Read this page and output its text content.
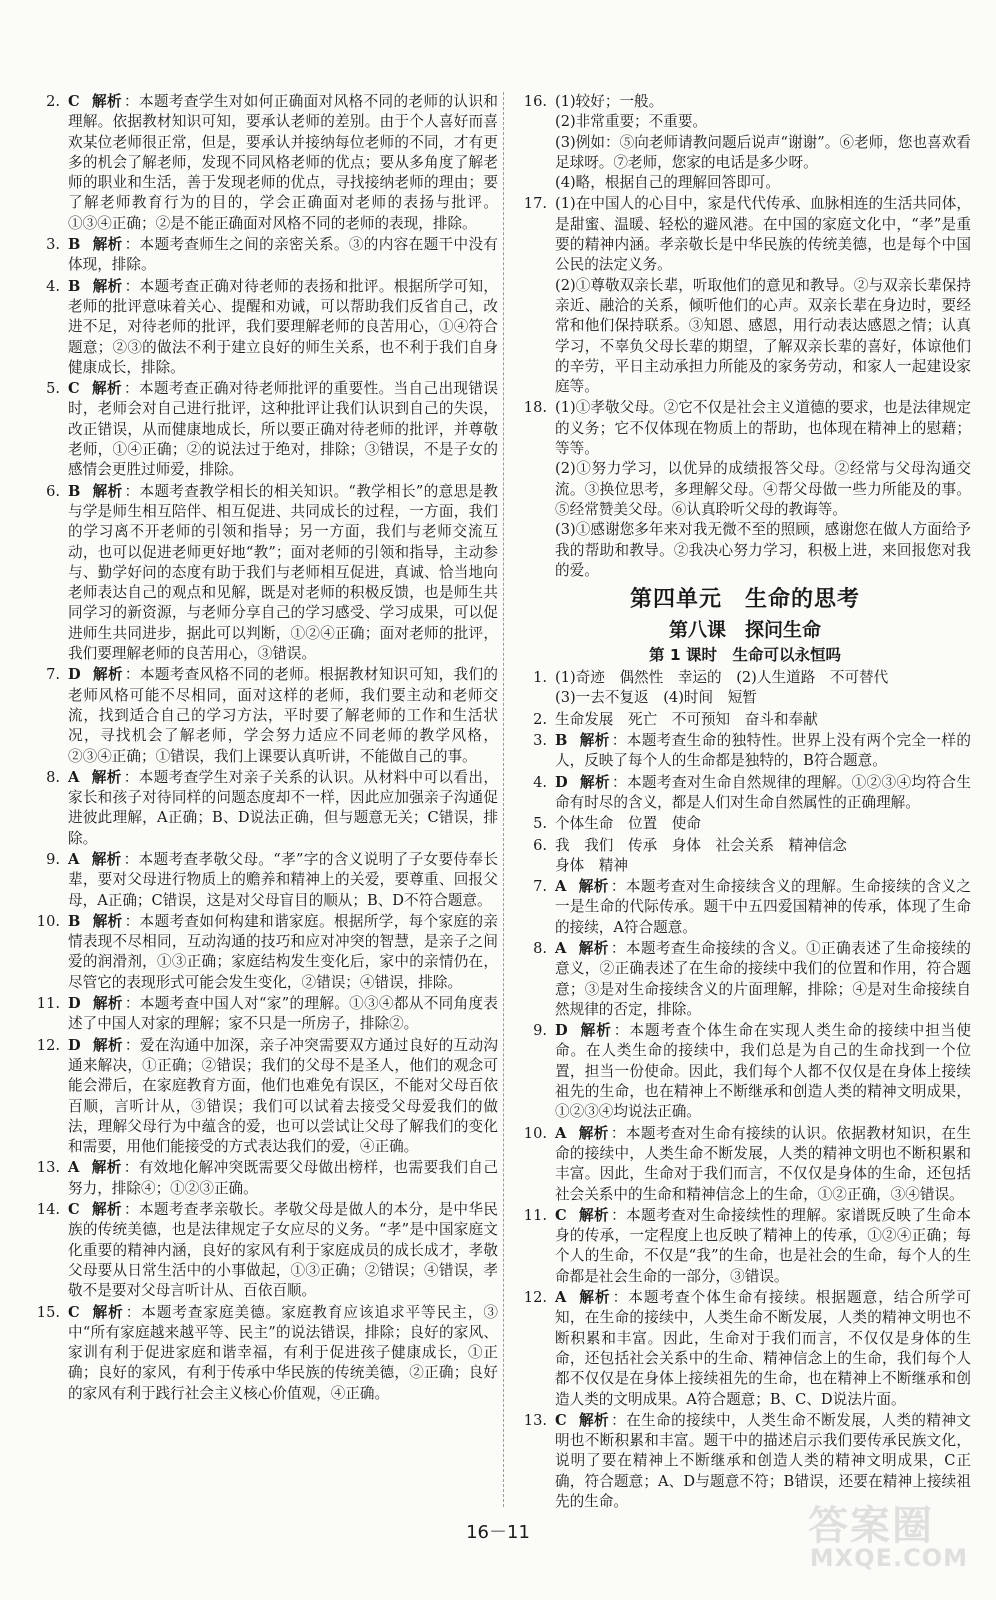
2. C 解析 ：本题考查学生对如何正确面对风格不同的老师的认识和理解。依据教材知识可知，要承认老师的差别。由于个人喜好而喜欢某位老师很正常，但是，要承认并接纳每位老师的不同，才有更多的机会了解老师，发现不同风格老师的优点；要从多角度了解老师的职业和生活，善于发现老师的优点，寻找接纳老师的理由；要了解老师教育行为的目的，学会正确面对老师的表扬与批评。①③④正确；②是不能正确面对风格不同的老师的表现，排除。
3. B 解析 ：本题考查师生之间的亲密关系。③的内容在题干中没有体现，排除。
4. B 解析 ：本题考查正确对待老师的表扬和批评。根据所学可知，老师的批评意味着关心、提醒和劝诫，可以帮助我们反省自己，改进不足，对待老师的批评，我们要理解老师的良苦用心，①④符合题意；②③的做法不利于建立良好的师生关系，也不利于我们自身健康成长，排除。
5. C 解析 ：本题考查正确对待老师批评的重要性。当自己出现错误时，老师会对自己进行批评，这种批评让我们认识到自己的失误，改正错误，从而健康地成长，所以要正确对待老师的批评，并尊敬老师，①④正确；②的说法过于绝对，排除；③错误，不是子女的感情会更胜过师爱，排除。
6. B 解析 ：本题考查教学相长的相关知识。“教学相长”的意思是教与学是师生相互陪伴、相互促进、共同成长的过程，一方面，我们的学习离不开老师的引领和指导；另一方面，我们与老师交流互动，也可以促进老师更好地“教”；面对老师的引领和指导，主动参与、勤学好问的态度有助于我们与老师相互促进，真诚、恰当地向老师表达自己的观点和见解，既是对老师的积极反馈，也是师生共同学习的新资源，与老师分享自己的学习感受、学习成果，可以促进师生共同进步，据此可以判断，①②④正确；面对老师的批评，我们要理解老师的良苦用心，③错误。
7. D 解析 ：本题考查风格不同的老师。根据教材知识可知，我们的老师风格可能不尽相同，面对这样的老师，我们要主动和老师交流，找到适合自己的学习方法，平时要了解老师的工作和生活状况，寻找机会了解老师，学会努力适应不同老师的教学风格，②③④正确；①错误，我们上课要认真听讲，不能做自己的事。
8. A 解析 ：本题考查学生对亲子关系的认识。从材料中可以看出，家长和孩子对待同样的问题态度却不一样，因此应加强亲子沟通促进彼此理解，A正确；B、D说法正确，但与题意无关；C错误，排除。
9. A 解析 ：本题考查孝敬父母。“孝”字的含义说明了子女要侍奉长辈，要对父母进行物质上的赡养和精神上的关爱，要尊重、回报父母，A正确；C错误，这是对父母盲目的顺从；B、D不符合题意。
10. B 解析 ：本题考查如何构建和谐家庭。根据所学，每个家庭的亲情表现不尽相同，互动沟通的技巧和应对冲突的智慧，是亲子之间爱的润滑剂，①③正确；家庭结构发生变化后，家中的亲情仍在，尽管它的表现形式可能会发生变化，②错误；④错误，排除。
11. D 解析 ：本题考查中国人对“家”的理解。①③④都从不同角度表述了中国人对家的理解；家不只是一所房子，排除②。
12. D 解析 ：爱在沟通中加深，亲子冲突需要双方通过良好的互动沟通来解决，①正确；②错误；我们的父母不是圣人，他们的观念可能会滞后，在家庭教育方面，他们也难免有误区，不能对父母百依百顺，言听计从，③错误；我们可以试着去接受父母爱我们的做法，理解父母行为中蕴含的爱，也可以尝试让父母了解我们的变化和需要，用他们能接受的方式表达我们的爱，④正确。
13. A 解析 ：有效地化解冲突既需要父母做出榜样，也需要我们自己努力，排除④；①②③正确。
14. C 解析 ：本题考查孝亲敬长。孝敬父母是做人的本分，是中华民族的传统美德，也是法律规定子女应尽的义务。“孝”是中国家庭文化重要的精神内涵，良好的家风有利于家庭成员的成长成才，孝敬父母要从日常生活中的小事做起，①③正确；②错误；④错误，孝敬不是要对父母言听计从、百依百顺。
15. C 解析 ：本题考查家庭美德。家庭教育应该追求平等民主，③中“所有家庭越来越平等、民主”的说法错误，排除；良好的家风、家训有利于促进家庭和谐幸福，有利于促进孩子健康成长，①正确；良好的家风，有利于传承中华民族的传统美德，②正确；良好的家风有利于践行社会主义核心价值观，④正确。
16. (1)较好；一般。
(2)非常重要；不重要。
(3)例如：⑤向老师请教问题后说声“谢谢”。⑥老师，您也喜欢看足球呀。⑦老师，您家的电话是多少呀。
(4)略，根据自己的理解回答即可。
17. (1)在中国人的心目中，家是代代传承、血脉相连的生活共同体，是甜蜜、温暖、轻松的避风港。在中国的家庭文化中，“孝”是重要的精神内涵。孝亲敬长是中华民族的传统美德，也是每个中国公民的法定义务。
(2)①尊敬双亲长辈，听取他们的意见和教导。②与双亲长辈保持亲近、融洽的关系，倾听他们的心声。双亲长辈在身边时，要经常和他们保持联系。③知恩、感恩，用行动表达感恩之情；认真学习，不辜负父母长辈的期望，了解双亲长辈的喜好，体谅他们的辛劳，平日主动承担力所能及的家务劳动，和家人一起建设家庭等。
18. (1)①孝敬父母。②它不仅是社会主义道德的要求，也是法律规定的义务；它不仅体现在物质上的帮助，也体现在精神上的慰藉；等等。
(2)①努力学习，以优异的成绩报答父母。②经常与父母沟通交流。③换位思考，多理解父母。④帮父母做一些力所能及的事。⑤经常赞美父母。⑥认真聆听父母的教诲等。
(3)①感谢您多年来对我无微不至的照顾，感谢您在做人方面给予我的帮助和教导。②我决心努力学习，积极上进，来回报您对我的爱。
第四单元　生命的思考
第八课　探问生命
第 1 课时　生命可以永恒吗
1. (1)奇迹　偶然性　幸运的　(2)人生道路　不可替代
(3)一去不复返　(4)时间　短暂
2. 生命发展　死亡　不可预知　奋斗和奉献
3. B 解析 ：本题考查生命的独特性。世界上没有两个完全一样的人，反映了每个人的生命都是独特的，B符合题意。
4. D 解析 ：本题考查对生命自然规律的理解。①②③④均符合生命有时尽的含义，都是人们对生命自然属性的正确理解。
5. 个体生命　位置　使命
6. 我　我们　传承　身体　社会关系　精神信念
身体　精神
7. A 解析 ：本题考查对生命接续含义的理解。生命接续的含义之一是生命的代际传承。题干中五四爱国精神的传承，体现了生命的接续，A符合题意。
8. A 解析 ：本题考查生命接续的含义。①正确表述了生命接续的意义，②正确表述了在生命的接续中我们的位置和作用，符合题意；③是对生命接续含义的片面理解，排除；④是对生命接续自然规律的否定，排除。
9. D 解析 ：本题考查个体生命在实现人类生命的接续中担当使命。在人类生命的接续中，我们总是为自己的生命找到一个位置，担当一份使命。因此，我们每个人都不仅仅是在身体上接续祖先的生命，也在精神上不断继承和创造人类的精神文明成果，①②③④均说法正确。
10. A 解析 ：本题考查对生命有接续的认识。依据教材知识，在生命的接续中，人类生命不断发展，人类的精神文明也不断积累和丰富。因此，生命对于我们而言，不仅仅是身体的生命，还包括社会关系中的生命和精神信念上的生命，①②正确，③④错误。
11. C 解析 ：本题考查对生命接续性的理解。家谱既反映了生命本身的传承，一定程度上也反映了精神上的传承，①②④正确；每个人的生命，不仅是“我”的生命，也是社会的生命，每个人的生命都是社会生命的一部分，③错误。
12. A 解析 ：本题考查个体生命有接续。根据题意，结合所学可知，在生命的接续中，人类生命不断发展，人类的精神文明也不断积累和丰富。因此，生命对于我们而言，不仅仅是身体的生命，还包括社会关系中的生命、精神信念上的生命，我们每个人都不仅仅是在身体上接续祖先的生命，也在精神上不断继承和创造人类的文明成果。A符合题意；B、C、D说法片面。
13. C 解析 ：在生命的接续中，人类生命不断发展，人类的精神文明也不断积累和丰富。题干中的描述启示我们要传承民族文化，说明了要在精神上不断继承和创造人类的精神文明成果，C正确，符合题意；A、D与题意不符；B错误，还要在精神上接续祖先的生命。
16－11	答案圈
MXQE.COM
